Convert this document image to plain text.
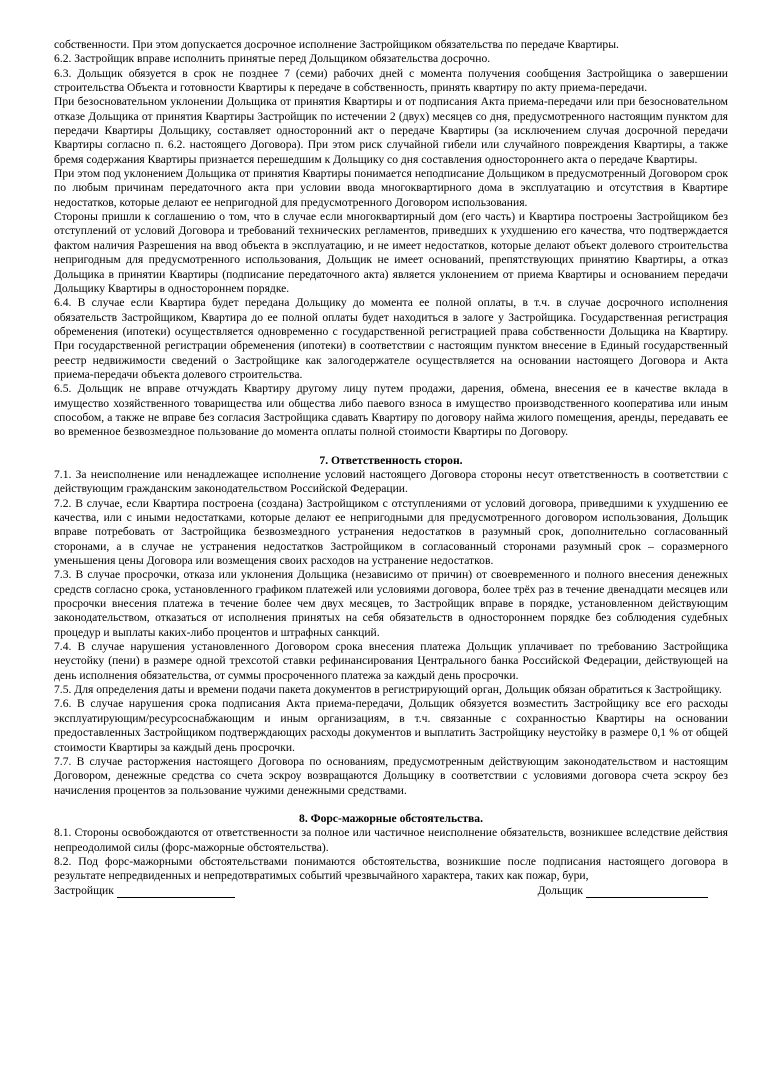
собственности. При этом допускается досрочное исполнение Застройщиком обязательства по передаче Квартиры.

6.2. Застройщик вправе исполнить принятые перед Дольщиком обязательства досрочно.

6.3. Дольщик обязуется в срок не позднее 7 (семи) рабочих дней с момента получения сообщения Застройщика о завершении строительства Объекта и готовности Квартиры к передаче в собственность, принять квартиру по акту приема-передачи.

При безосновательном уклонении Дольщика от принятия Квартиры и от подписания Акта приема-передачи или при безосновательном отказе Дольщика от принятия Квартиры Застройщик по истечении 2 (двух) месяцев со дня, предусмотренного настоящим пунктом для передачи Квартиры Дольщику, составляет односторонний акт о передаче Квартиры (за исключением случая досрочной передачи Квартиры согласно п. 6.2. настоящего Договора). При этом риск случайной гибели или случайного повреждения Квартиры, а также бремя содержания Квартиры признается перешедшим к Дольщику со дня составления одностороннего акта о передаче Квартиры.

При этом под уклонением Дольщика от принятия Квартиры понимается неподписание Дольщиком в предусмотренный Договором срок по любым причинам передаточного акта при условии ввода многоквартирного дома в эксплуатацию и отсутствия в Квартире недостатков, которые делают ее непригодной для предусмотренного Договором использования.

Стороны пришли к соглашению о том, что в случае если многоквартирный дом (его часть) и Квартира построены Застройщиком без отступлений от условий Договора и требований технических регламентов, приведших к ухудшению его качества, что подтверждается фактом наличия Разрешения на ввод объекта в эксплуатацию, и не имеет недостатков, которые делают объект долевого строительства непригодным для предусмотренного использования, Дольщик не имеет оснований, препятствующих принятию Квартиры, а отказ Дольщика в принятии Квартиры (подписание передаточного акта) является уклонением от приема Квартиры и основанием передачи Дольщику Квартиры в одностороннем порядке.

6.4. В случае если Квартира будет передана Дольщику до момента ее полной оплаты, в т.ч. в случае досрочного исполнения обязательств Застройщиком, Квартира до ее полной оплаты будет находиться в залоге у Застройщика. Государственная регистрация обременения (ипотеки) осуществляется одновременно с государственной регистрацией права собственности Дольщика на Квартиру. При государственной регистрации обременения (ипотеки) в соответствии с настоящим пунктом внесение в Единый государственный реестр недвижимости сведений о Застройщике как залогодержателе осуществляется на основании настоящего Договора и Акта приема-передачи объекта долевого строительства.

6.5. Дольщик не вправе отчуждать Квартиру другому лицу путем продажи, дарения, обмена, внесения ее в качестве вклада в имущество хозяйственного товарищества или общества либо паевого взноса в имущество производственного кооператива или иным способом, а также не вправе без согласия Застройщика сдавать Квартиру по договору найма жилого помещения, аренды, передавать ее во временное безвозмездное пользование до момента оплаты полной стоимости Квартиры по Договору.

7. Ответственность сторон.

7.1. За неисполнение или ненадлежащее исполнение условий настоящего Договора стороны несут ответственность в соответствии с действующим гражданским законодательством Российской Федерации.

7.2. В случае, если Квартира построена (создана) Застройщиком с отступлениями от условий договора, приведшими к ухудшению ее качества, или с иными недостатками, которые делают ее непригодными для предусмотренного договором использования, Дольщик вправе потребовать от Застройщика безвозмездного устранения недостатков в разумный срок, дополнительно согласованный сторонами, а в случае не устранения недостатков Застройщиком в согласованный сторонами разумный срок – соразмерного уменьшения цены Договора или возмещения своих расходов на устранение недостатков.

7.3. В случае просрочки, отказа или уклонения Дольщика (независимо от причин) от своевременного и полного внесения денежных средств согласно срока, установленного графиком платежей или условиями договора, более трёх раз в течение двенадцати месяцев или просрочки внесения платежа в течение более чем двух месяцев, то Застройщик вправе в порядке, установленном действующим законодательством, отказаться от исполнения принятых на себя обязательств в одностороннем порядке без соблюдения судебных процедур и выплаты каких-либо процентов и штрафных санкций.

7.4. В случае нарушения установленного Договором срока внесения платежа Дольщик уплачивает по требованию Застройщика неустойку (пени) в размере одной трехсотой ставки рефинансирования Центрального банка Российской Федерации, действующей на день исполнения обязательства, от суммы просроченного платежа за каждый день просрочки.

7.5. Для определения даты и времени подачи пакета документов в регистрирующий орган, Дольщик обязан обратиться к Застройщику.

7.6. В случае нарушения срока подписания Акта приема-передачи, Дольщик обязуется возместить Застройщику все его расходы эксплуатирующим/ресурсоснабжающим и иным организациям, в т.ч. связанные с сохранностью Квартиры на основании предоставленных Застройщиком подтверждающих расходы документов и выплатить Застройщику неустойку в размере 0,1 % от общей стоимости Квартиры за каждый день просрочки.

7.7. В случае расторжения настоящего Договора по основаниям, предусмотренным действующим законодательством и настоящим Договором, денежные средства со счета эскроу возвращаются Дольщику в соответствии с условиями договора счета эскроу без начисления процентов за пользование чужими денежными средствами.

8. Форс-мажорные обстоятельства.

8.1. Стороны освобождаются от ответственности за полное или частичное неисполнение обязательств, возникшее вследствие действия непреодолимой силы (форс-мажорные обстоятельства).

8.2. Под форс-мажорными обстоятельствами понимаются обстоятельства, возникшие после подписания настоящего договора в результате непредвиденных и непредотвратимых событий чрезвычайного характера, таких как пожар, бури,

Застройщик	Дольщик
